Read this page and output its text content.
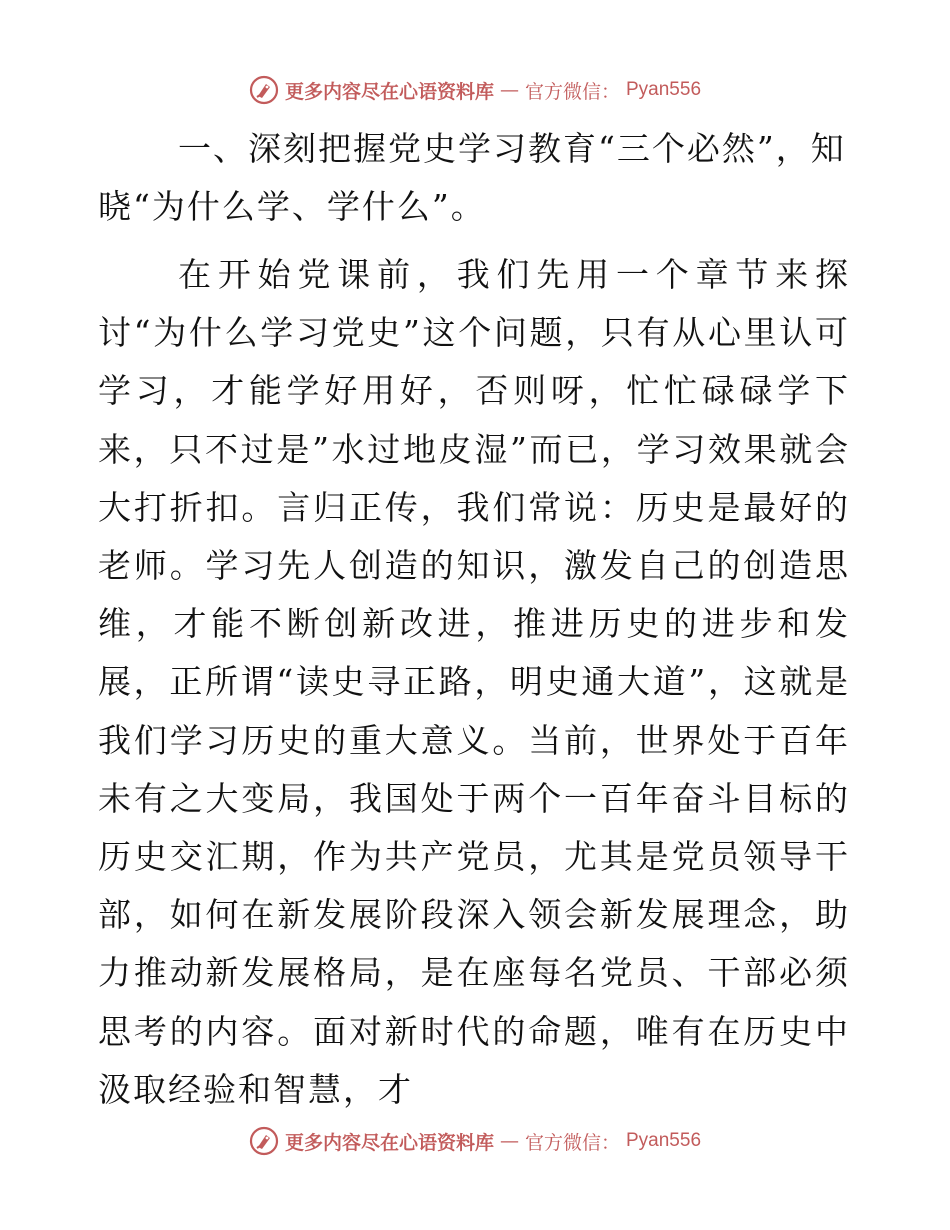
更多内容尽在心语资料库 — 官方微信： Pyan556
一、深刻把握党史学习教育“三个必然”，知晓“为什么学、学什么”。

在开始党课前，我们先用一个章节来探讨“为什么学习党史”这个问题，只有从心里认可学习，才能学好用好，否则呀，忙忙碌碌学下来，只不过是”水过地皮湿”而已，学习效果就会大打折扣。言归正传，我们常说：历史是最好的老师。学习先人创造的知识，激发自己的创造思维，才能不断创新改进，推进历史的进步和发展，正所谓“读史寻正路，明史通大道”，这就是我们学习历史的重大意义。当前，世界处于百年未有之大变局，我国处于两个一百年奋斗目标的历史交汇期，作为共产党员，尤其是党员领导干部，如何在新发展阶段深入领会新发展理念，助力推动新发展格局，是在座每名党员、干部必须思考的内容。面对新时代的命题，唯有在历史中汲取经验和智慧，才

更多内容尽在心语资料库 — 官方微信： Pyan556
